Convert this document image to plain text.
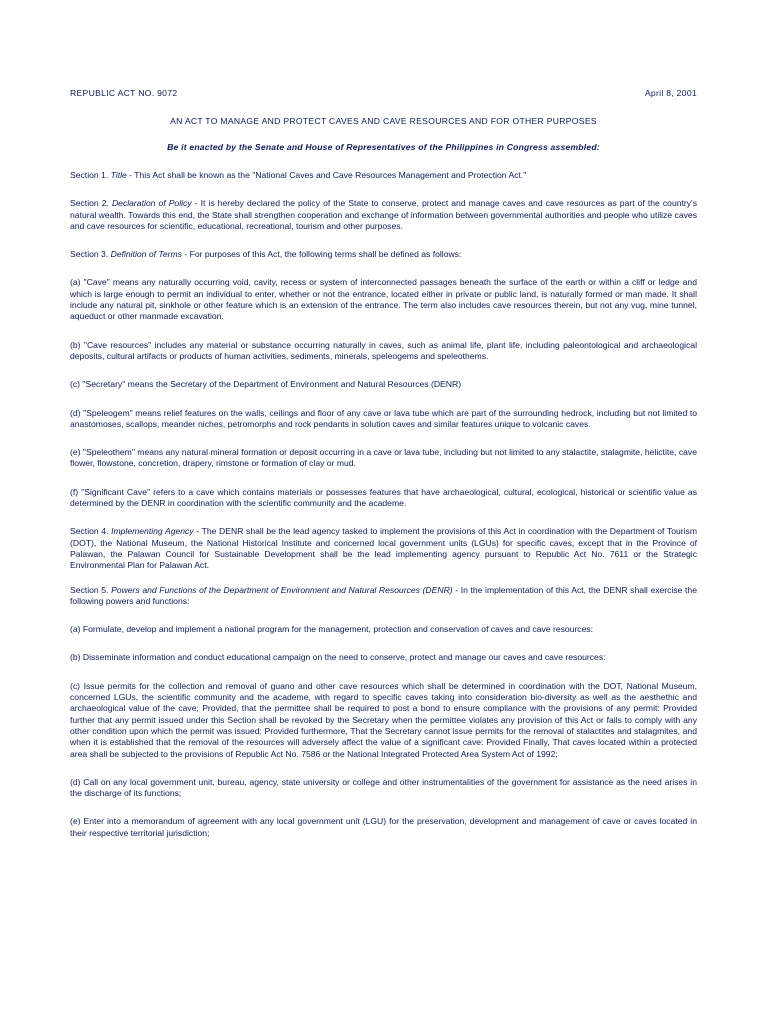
REPUBLIC ACT NO. 9072	April 8, 2001
AN ACT TO MANAGE AND PROTECT CAVES AND CAVE RESOURCES AND FOR OTHER PURPOSES
Be it enacted by the Senate and House of Representatives of the Philippines in Congress assembled:

Section 1. Title - This Act shall be known as the "National Caves and Cave Resources Management and Protection Act."

Section 2. Declaration of Policy - It is hereby declared the policy of the State to conserve, protect and manage caves and cave resources as part of the country's natural wealth. Towards this end, the State shall strengthen cooperation and exchange of information between governmental authorities and people who utilize caves and cave resources for scientific, educational, recreational, tourism and other purposes.

Section 3. Definition of Terms - For purposes of this Act, the following terms shall be defined as follows:

(a) "Cave" means any naturally occurring void, cavity, recess or system of interconnected passages beneath the surface of the earth or within a cliff or ledge and which is large enough to permit an individual to enter, whether or not the entrance, located either in private or public land, is naturally formed or man made. It shall include any natural pit, sinkhole or other feature which is an extension of the entrance. The term also includes cave resources therein, but not any vug, mine tunnel, aqueduct or other manmade excavation.

(b) "Cave resources" includes any material or substance occurring naturally in caves, such as animal life, plant life, including paleontological and archaeological deposits, cultural artifacts or products of human activities, sediments, minerals, speleogems and speleothems.

(c) "Secretary" means the Secretary of the Department of Environment and Natural Resources (DENR)

(d) "Speleogem" means relief features on the walls, ceilings and floor of any cave or lava tube which are part of the surrounding hedrock, including but not limited to anastomoses, scallops, meander niches, petromorphs and rock pendants in solution caves and similar features unique to volcanic caves.

(e) "Speleothem" means any natural mineral formation or deposit occurring in a cave or lava tube, including but not limited to any stalactite, stalagmite, helictite, cave flower, flowstone, concretion, drapery, rimstone or formation of clay or mud.

(f) "Significant Cave" refers to a cave which contains materials or possesses features that have archaeological, cultural, ecological, historical or scientific value as determined by the DENR in coordination with the scientific community and the academe.

Section 4. Implementing Agency - The DENR shall be the lead agency tasked to implement the provisions of this Act in coordination with the Department of Tourism (DOT), the National Museum, the National Historical Institute and concerned local government units (LGUs) for specific caves, except that in the Province of Palawan, the Palawan Council for Sustainable Development shall be the lead implementing agency pursuant to Republic Act No. 7611 or the Strategic Environmental Plan for Palawan Act.

Section 5. Powers and Functions of the Department of Environment and Natural Resources (DENR) - In the implementation of this Act, the DENR shall exercise the following powers and functions:

(a) Formulate, develop and implement a national program for the management, protection and conservation of caves and cave resources:

(b) Disseminate information and conduct educational campaign on the need to conserve, protect and manage our caves and cave resources:

(c) Issue permits for the collection and removal of guano and other cave resources which shall be determined in coordination with the DOT, National Museum, concerned LGUs, the scientific community and the academe, with regard to specific caves taking into consideration bio-diversity as well as the aesthethic and archaeological value of the cave; Provided, that the permittee shall be required to post a bond to ensure compliance with the provisions of any permit: Provided further that any permit issued under this Section shall be revoked by the Secretary when the permittee violates any provision of this Act or fails to comply with any other condition upon which the permit was issued: Provided furthermore, That the Secretary cannot issue permits for the removal of stalactites and stalagmites, and when it is established that the removal of the resources will adversely affect the value of a significant cave: Provided Finally, That caves located within a protected area shall be subjected to the provisions of Republic Act No. 7586 or the National Integrated Protected Area System Act of 1992;

(d) Call on any local government unit, bureau, agency, state university or college and other instrumentalities of the government for assistance as the need arises in the discharge of its functions;

(e) Enter into a memorandum of agreement with any local government unit (LGU) for the preservation, development and management of cave or caves located in their respective territorial jurisdiction;
